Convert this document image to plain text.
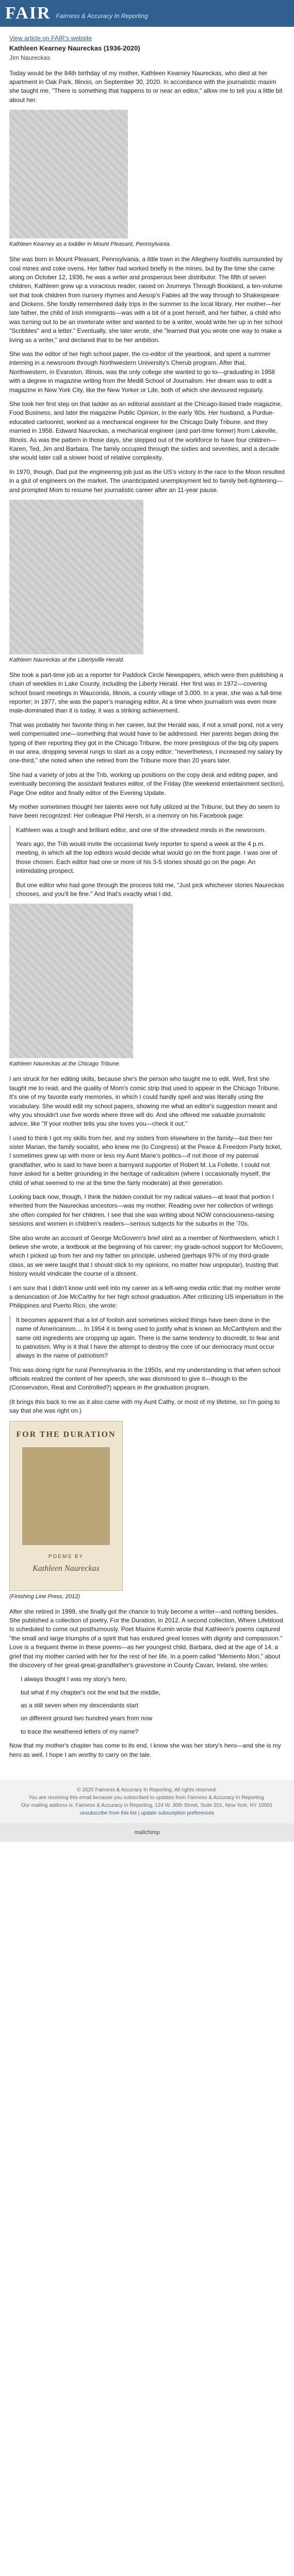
FAIR Fairness & Accuracy In Reporting
View article on FAIR's website
Kathleen Kearney Naureckas (1936-2020)
Jim Naureckas

Today would be the 84th birthday of my mother, Kathleen Kearney Naureckas, who died at her apartment in Oak Park, Illinois, on September 30, 2020. In accordance with the journalistic maxim she taught me, "There is something that happens to or near an editor," allow me to tell you a little bit about her.

Kathleen Kearney as a toddler in Mount Pleasant, Pennsylvania.

She was born in Mount Pleasant, Pennsylvania, a little town in the Allegheny foothills surrounded by coal mines and coke ovens. Her father had worked briefly in the mines, but by the time she came along on October 12, 1936, he was a writer and prosperous beer distributor. The fifth of seven children, Kathleen grew up a voracious reader, raised on Journeys Through Bookland, a ten-volume set that took children from nursery rhymes and Aesop's Fables all the way through to Shakespeare and Dickens. She fondly remembered daily trips in the summer to the local library. Her mother—her late father, the child of Irish immigrants—was with a bit of a poet herself, and her father, a child who was turning out to be an inveterate writer and wanted to be a writer, would write her up in her school "Scribbles" and a letter." Eventually, she later wrote, she "learned that you wrote one way to make a living as a writer," and declared that to be her ambition.

She was the editor of her high school paper, the co-editor of the yearbook, and spent a summer interning in a newsroom through Northwestern University's Cherub program. After that, Northwestern, in Evanston, Illinois, was the only college she wanted to go to—graduating in 1958 with a degree in magazine writing from the Medill School of Journalism. Her dream was to edit a magazine in New York City, like the New Yorker or Life, both of which she devoured regularly.

She took her first step on that ladder as an editorial assistant at the Chicago-based trade magazine, Food Business, and later the magazine Public Opinion, in the early '60s. Her husband, a Purdue-educated cartoonist, worked as a mechanical engineer for the Chicago Daily Tribune, and they married in 1958. Edward Naureckas, a mechanical engineer (and part-time former) from Lakeville, Illinois. As was the pattern in those days, she stepped out of the workforce to have four children—Karen, Ted, Jim and Barbara. The family occupied through the sixties and seventies, and a decade she would later call a slower hood of relative complexity.

In 1970, though, Dad put the engineering job just as the US's victory in the race to the Moon resulted in a glut of engineers on the market. The unanticipated unemployment led to family belt-tightening—and prompted Mom to resume her journalistic career after an 11-year pause.

Kathleen Naureckas at the Libertyville Herald.

She took a part-time job as a reporter for Paddock Circle Newspapers, which were then publishing a chain of weeklies in Lake County, including the Liberty Herald. Her first was in 1972—covering school board meetings in Wauconda, Illinois, a county village of 3,000. In a year, she was a full-time reporter; in 1977, she was the paper's managing editor. At a time when journalism was even more male-dominated than it is today, it was a striking achievement.

That was probably her favorite thing in her career, but the Herald was, if not a small pond, not a very well compensated one—something that would have to be addressed. Her parents began doing the typing of their reporting they got in the Chicago Tribune, the more prestigious of the big city papers in our area, dropping several rungs to start as a copy editor; "nevertheless, I increased my salary by one-third," she noted when she retired from the Tribune more than 20 years later.

She had a variety of jobs at the Trib, working up positions on the copy desk and editing paper, and eventually becoming the assistant features editor, of the Friday (the weekend entertainment section), Page One editor and finally editor of the Evening Update.

My mother sometimes thought her talents were not fully utilized at the Tribune, but they do seem to have been recognized: Her colleague Phil Hersh, in a memory on his Facebook page:

Kathleen was a tough and brilliant editor, and one of the shrewdest minds in the newsroom.

Years ago, the Trib would invite the occasional lively reporter to spend a week at the 4 p.m. meeting, in which all the top editors would decide what would go on the front page. I was one of those chosen. Each editor had one or more of his 3-5 stories should go on the page. An intimidating prospect.

But one editor who had gone through the process told me, "Just pick whichever stories Naureckas chooses, and you'll be fine." And that's exactly what I did.

Kathleen Naureckas at the Chicago Tribune.

I am struck for her editing skills, because she's the person who taught me to edit. Well, first she taught me to read, and the quality of Mom's comic strip that used to appear in the Chicago Tribune. It's one of my favorite early memories, in which I could hardly spell and was literally using the vocabulary. She would edit my school papers, showing me what an editor's suggestion meant and why you shouldn't use five words where three will do. And she offered me valuable journalistic advice, like "If your mother tells you she loves you—check it out."

I used to think I got my skills from her, and my sisters from elsewhere in the family—but then her sister Marian, the family socialist, who knew me (to Congress) at the Peace & Freedom Party ticket, I sometimes grew up with more or less my Aunt Marie's politics—if not those of my paternal grandfather, who is said to have been a barnyard supporter of Robert M. La Follette. I could not have asked for a better grounding in the heritage of radicalism (where I occasionally myself, the child of what seemed to me at the time the fairly moderate) at their generation.

Looking back now, though, I think the hidden conduit for my radical values—at least that portion I inherited from the Naureckas ancestors—was my mother. Reading over her collection of writings she often compiled for her children, I see that she was writing about NOW consciousness-raising sessions and women in children's readers—serious subjects for the suburbs in the '70s.

She also wrote an account of George McGovern's brief stint as a member of Northwestern, which I believe she wrote, a textbook at the beginning of his career; my grade-school support for McGovern, which I picked up from her and my father on principle, ushered (perhaps 97% of my third-grade class, as we were taught that I should stick to my opinions, no matter how unpopular), trusting that history would vindicate the course of a dissent.

I am sure that I didn't know until well into my career as a left-wing media critic that my mother wrote a denunciation of Joe McCarthy for her high school graduation. After criticizing US imperialism in the Philippines and Puerto Rico, she wrote:

It becomes apparent that a lot of foolish and sometimes wicked things have been done in the name of Americanism.... In 1954 it is being used to justify what is known as McCarthyism and the same old ingredients are cropping up again. There is the same tendency to discredit, to fear and to patriotism. Why is it that I have the attempt to destroy the core of our democracy must occur always in the name of patriotism?

This was doing right for rural Pennsylvania in the 1950s, and my understanding is that when school officials realized the content of her speech, she was dismissed to give it—though to the (Conservation, Real and Controlled?) appears in the graduation program.

(It brings this back to me as it also came with my Aunt Cathy, or most of my lifetime, so I'm going to say that she was right on.)

FOR THE DURATION
POEMS BY
Kathleen Naureckas
(Finishing Line Press, 2012)

After she retired in 1999, she finally got the chance to truly become a writer—and nothing besides. She published a collection of poetry, For the Duration, in 2012. A second collection, Where Lifeblood Is scheduled to come out posthumously. Poet Maxine Kumin wrote that Kathleen's poems captured "the small and large triumphs of a spirit that has endured great losses with dignity and compassion." Love is a frequent theme in these poems—as her youngest child, Barbara, died at the age of 14, a grief that my mother carried with her for the rest of her life. In a poem called "Memento Mori," about the discovery of her great-great-grandfather's gravestone in County Cavan, Ireland, she writes:

I always thought I was my story's hero,

but what if my chapter's not the end but the middle,

as a still seven when my descendants start

on different ground two hundred years from now

to trace the weathered letters of my name?

Now that my mother's chapter has come to its end, I know she was her story's hero—and she is my hero as well. I hope I am worthy to carry on the tale.

© 2020 Fairness & Accuracy In Reporting. All rights reserved.
You are receiving this email because you subscribed to updates from Fairness & Accuracy In Reporting.
Our mailing address is: Fairness & Accuracy In Reporting, 124 W. 30th Street, Suite 201, New York, NY 10001
unsubscribe from this list | update subscription preferences
mailchimp
